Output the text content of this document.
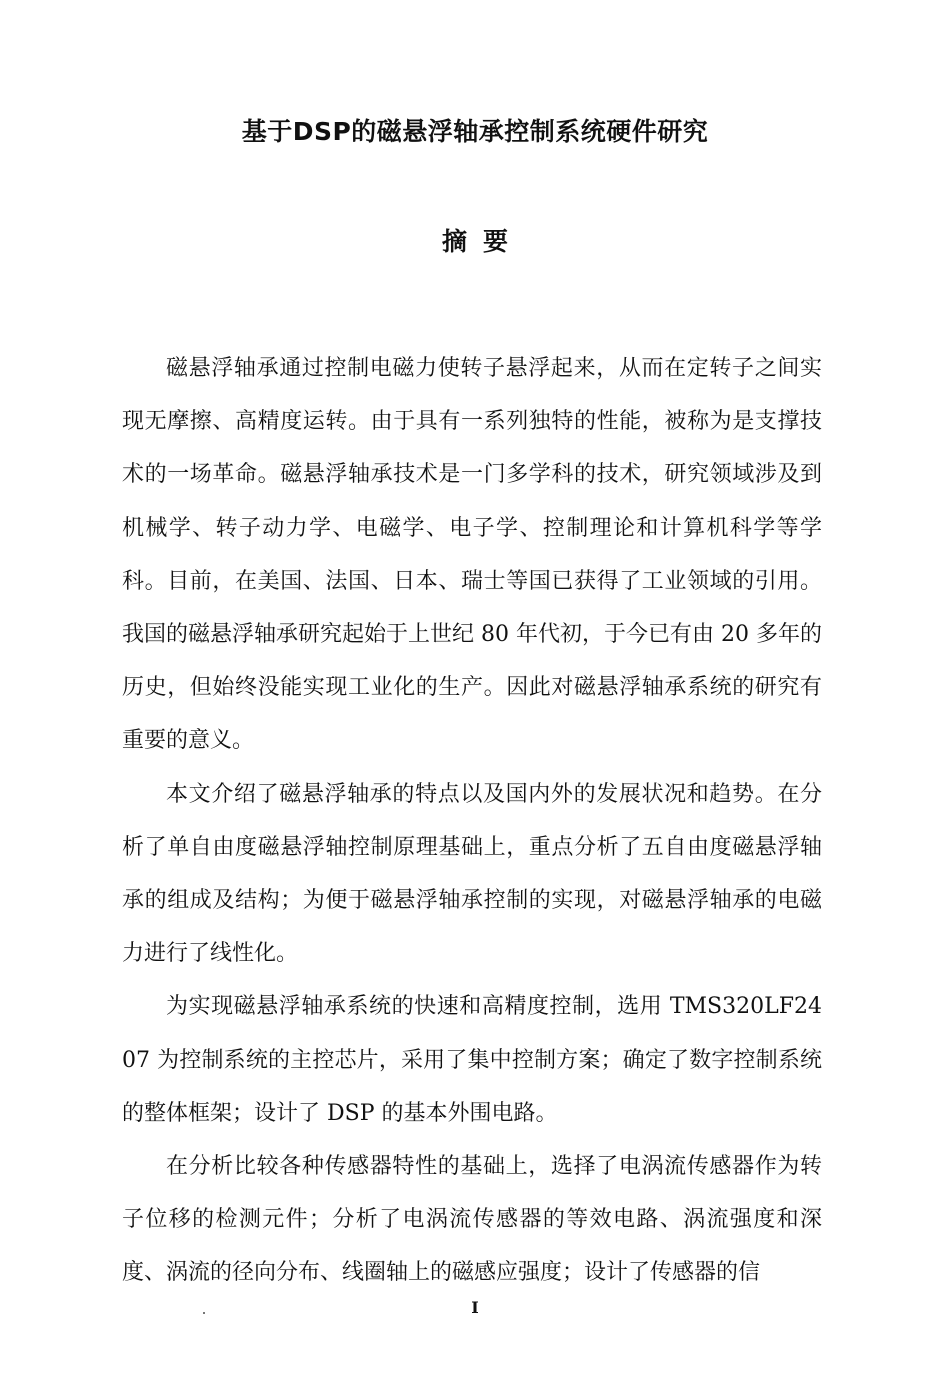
基于DSP的磁悬浮轴承控制系统硬件研究
摘要

磁悬浮轴承通过控制电磁力使转子悬浮起来，从而在定转子之间实现无摩擦、高精度运转。由于具有一系列独特的性能，被称为是支撑技术的一场革命。磁悬浮轴承技术是一门多学科的技术，研究领域涉及到机械学、转子动力学、电磁学、电子学、控制理论和计算机科学等学科。目前，在美国、法国、日本、瑞士等国已获得了工业领域的引用。我国的磁悬浮轴承研究起始于上世纪 80 年代初，于今已有由 20 多年的历史，但始终没能实现工业化的生产。因此对磁悬浮轴承系统的研究有重要的意义。

本文介绍了磁悬浮轴承的特点以及国内外的发展状况和趋势。在分析了单自由度磁悬浮轴控制原理基础上，重点分析了五自由度磁悬浮轴承的组成及结构；为便于磁悬浮轴承控制的实现，对磁悬浮轴承的电磁力进行了线性化。

为实现磁悬浮轴承系统的快速和高精度控制，选用 TMS320LF2407 为控制系统的主控芯片，采用了集中控制方案；确定了数字控制系统的整体框架；设计了 DSP 的基本外围电路。

在分析比较各种传感器特性的基础上，选择了电涡流传感器作为转子位移的检测元件；分析了电涡流传感器的等效电路、涡流强度和深度、涡流的径向分布、线圈轴上的磁感应强度；设计了传感器的信

I
